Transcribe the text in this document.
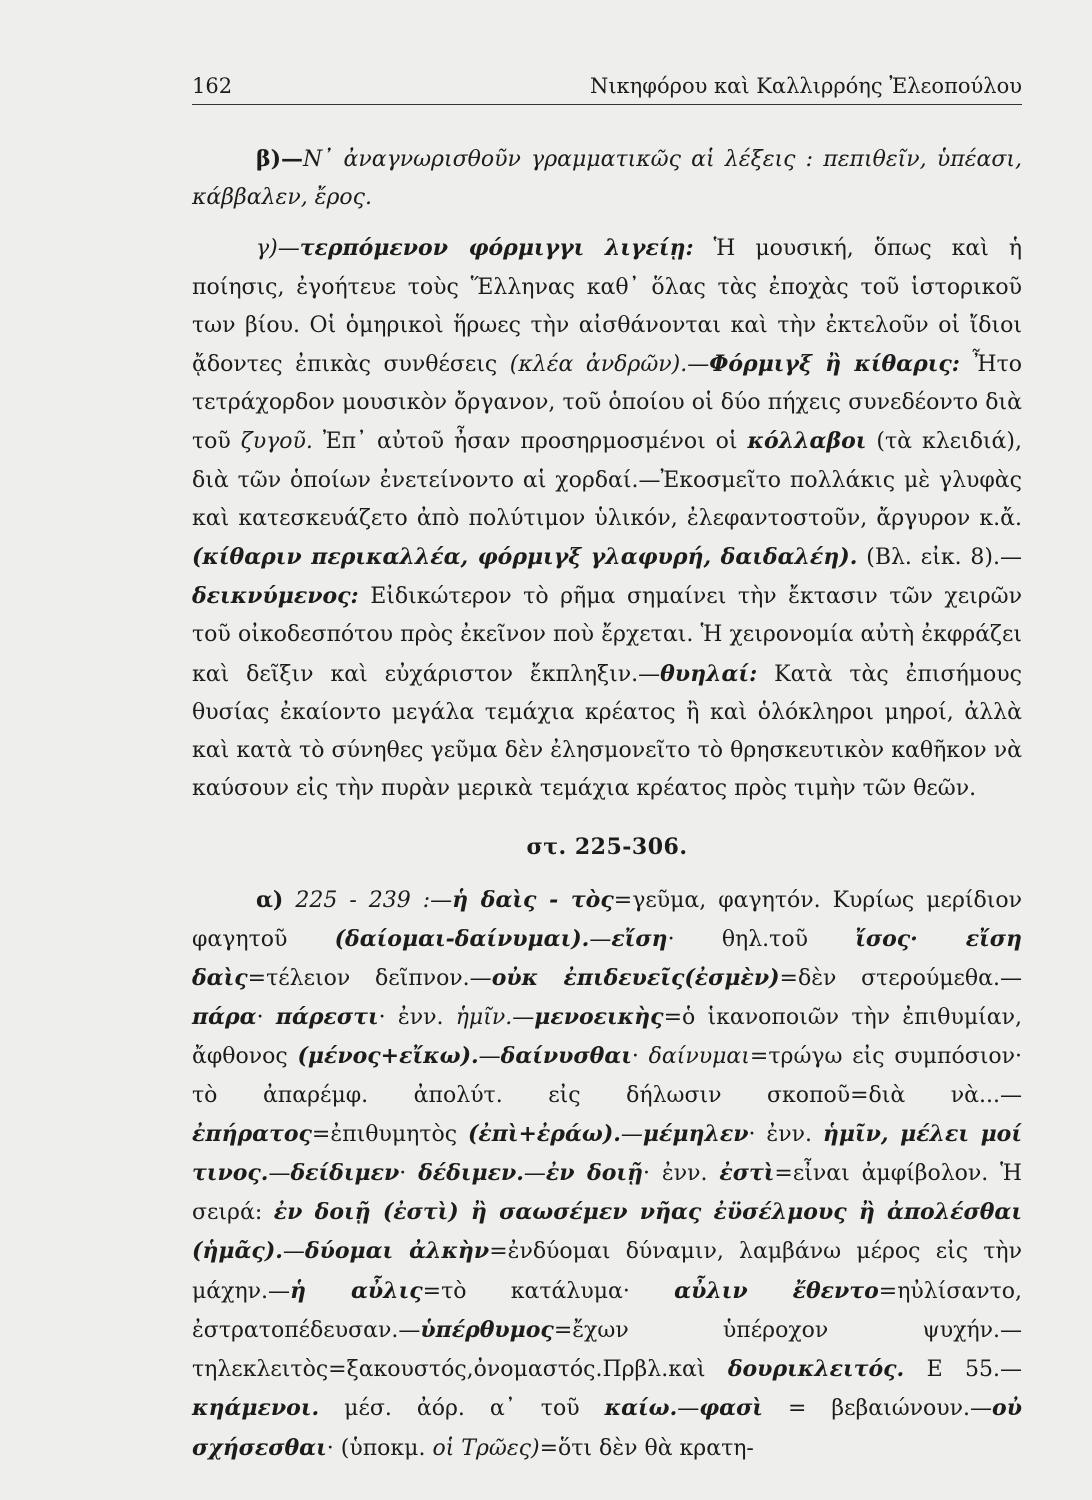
162	Νικηφόρου καὶ Καλλιρρόης Ἐλεοπούλου

β)—Ν᾽ ἀναγνωρισθοῦν γραμματικῶς αἱ λέξεις : πεπιθεῖν, ὑπέασι, κάββαλεν, ἔρος.

γ)—τερπόμενον φόρμιγγι λιγείῃ: Ἡ μουσική, ὅπως καὶ ἡ ποίησις, ἐγοήτευε τοὺς Ἕλληνας καθ᾽ ὅλας τὰς ἐποχὰς τοῦ ἱστορικοῦ των βίου. Οἱ ὁμηρικοὶ ἥρωες τὴν αἰσθάνονται καὶ τὴν ἐκτελοῦν οἱ ἴδιοι ᾄδοντες ἐπικὰς συνθέσεις (κλέα ἀνδρῶν).—Φόρμιγξ ἢ κίθαρις: Ἦτο τετράχορδον μουσικὸν ὄργανον, τοῦ ὁποίου οἱ δύο πήχεις συνεδέοντο διὰ τοῦ ζυγοῦ. Ἐπ᾽ αὐτοῦ ἦσαν προσηρμοσμένοι οἱ κόλλαβοι (τὰ κλειδιά), διὰ τῶν ὁποίων ἐνετείνοντο αἱ χορδαί.—Ἐκοσμεῖτο πολλάκις μὲ γλυφὰς καὶ κατεσκευάζετο ἀπὸ πολύτιμον ὑλικόν, ἐλεφαντοστοῦν, ἄργυρον κ.ἄ. (κίθαριν περικαλλέα, φόρμιγξ γλαφυρή, δαιδαλέη). (Βλ. εἰκ. 8).—δεικνύμενος: Εἰδικώτερον τὸ ρῆμα σημαίνει τὴν ἔκτασιν τῶν χειρῶν τοῦ οἰκοδεσπότου πρὸς ἐκεῖνον ποὺ ἔρχεται. Ἡ χειρονομία αὐτὴ ἐκφράζει καὶ δεῖξιν καὶ εὐχάριστον ἔκπληξιν.—θυηλαί: Κατὰ τὰς ἐπισήμους θυσίας ἐκαίοντο μεγάλα τεμάχια κρέατος ἢ καὶ ὁλόκληροι μηροί, ἀλλὰ καὶ κατὰ τὸ σύνηθες γεῦμα δὲν ἐλησμονεῖτο τὸ θρησκευτικὸν καθῆκον νὰ καύσουν εἰς τὴν πυρὰν μερικὰ τεμάχια κρέατος πρὸς τιμὴν τῶν θεῶν.

στ. 225-306.

α) 225 - 239 :—ἡ δαὶς - τὸς=γεῦμα, φαγητόν. Κυρίως μερίδιον φαγητοῦ (δαίομαι-δαίνυμαι).—εἴση· θηλ.τοῦ ἴσος· εἴση δαὶς=τέλειον δεῖπνον.—οὐκ ἐπιδευεῖς(ἐσμὲν)=δὲν στερούμεθα.—πάρα· πάρεστι· ἐνν. ἡμῖν.—μενοεικὴς=ὁ ἱκανοποιῶν τὴν ἐπιθυμίαν, ἄφθονος (μένος+εἴκω).—δαίνυσθαι· δαίνυμαι=τρώγω εἰς συμπόσιον· τὸ ἀπαρέμφ. ἀπολύτ. εἰς δήλωσιν σκοποῦ=διὰ νὰ...—ἐπήρατος=ἐπιθυμητὸς (ἐπὶ+ἐράω).—μέμηλεν· ἐνν. ἡμῖν, μέλει μοί τινος.—δείδιμεν· δέδιμεν.—ἐν δοιῇ· ἐνν. ἐστὶ=εἶναι ἀμφίβολον. Ἡ σειρά: ἐν δοιῇ (ἐστὶ) ἢ σαωσέμεν νῆας ἐϋσέλμους ἢ ἀπολέσθαι (ἡμᾶς).—δύομαι ἀλκὴν=ἐνδύομαι δύναμιν, λαμβάνω μέρος εἰς τὴν μάχην.—ἡ αὖλις=τὸ κατάλυμα· αὖλιν ἔθεντο=ηὐλίσαντο, ἐστρατοπέδευσαν.—ὑπέρθυμος=ἔχων ὑπέροχον ψυχήν.—τηλεκλειτὸς=ξακουστός,ὀνομαστός.Πρβλ.καὶ δουρικλειτός. Ε 55.—κηάμενοι. μέσ. ἀόρ. α᾽ τοῦ καίω.—φασὶ = βεβαιώνουν.—οὐ σχήσεσθαι· (ὑποκμ. οἱ Τρῶες)=ὅτι δὲν θὰ κρατη-
